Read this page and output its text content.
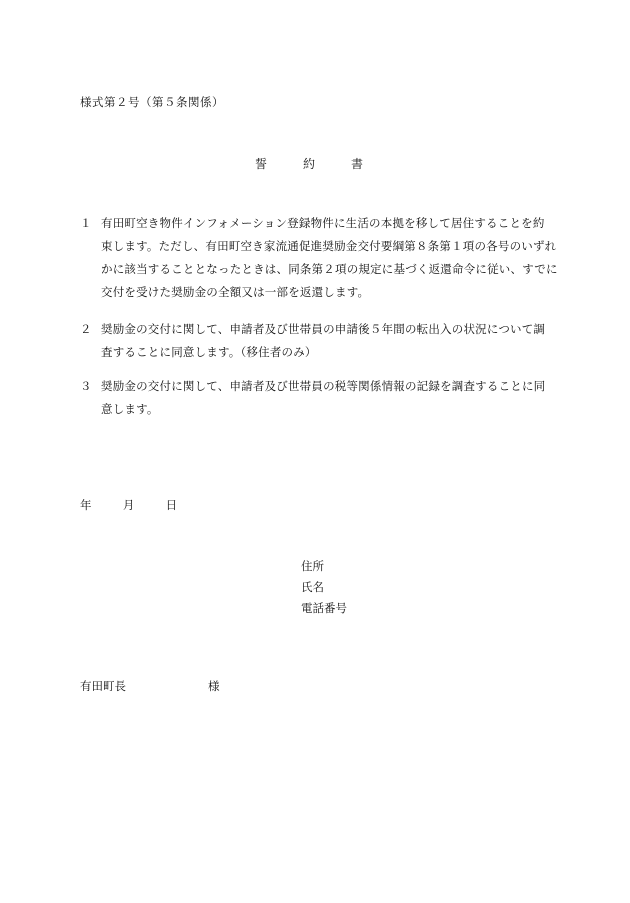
様式第２号（第５条関係）
誓　約　書
１ 有田町空き物件インフォメーション登録物件に生活の本拠を移して居住することを約
束します。ただし、有田町空き家流通促進奨励金交付要綱第８条第１項の各号のいずれ
かに該当することとなったときは、同条第２項の規定に基づく返還命令に従い、すでに
交付を受けた奨励金の全額又は一部を返還します。
２ 奨励金の交付に関して、申請者及び世帯員の申請後５年間の転出入の状況について調
査することに同意します。（移住者のみ）
３ 奨励金の交付に関して、申請者及び世帯員の税等関係情報の記録を調査することに同
意します。
年	月	日
住所
氏名
電話番号
有田町長	様
